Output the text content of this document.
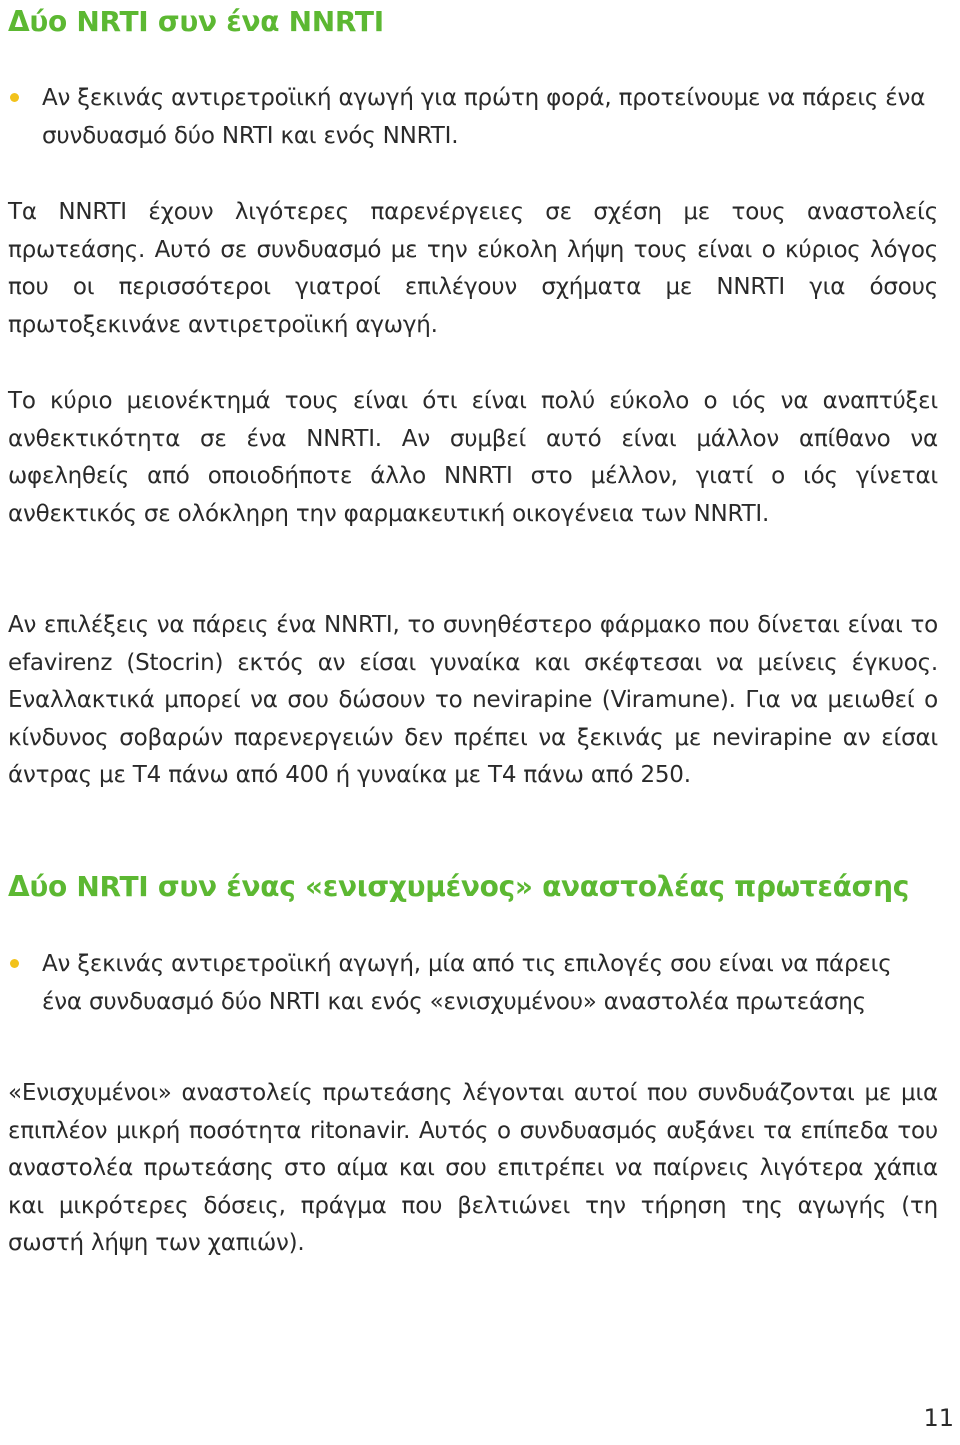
Δύο NRTI συν ένα NNRTI
Αν ξεκινάς αντιρετροϊική αγωγή για πρώτη φορά, προτείνουμε να πάρεις ένα συνδυασμό δύο NRTI και ενός NNRTI.

Τα NNRTI έχουν λιγότερες παρενέργειες σε σχέση με τους αναστολείς πρωτεάσης. Αυτό σε συνδυασμό με την εύκολη λήψη τους είναι ο κύριος λόγος που οι περισσότεροι γιατροί επιλέγουν σχήματα με NNRTI για όσους πρωτοξεκινάνε αντιρετροϊική αγωγή.

Το κύριο μειονέκτημά τους είναι ότι είναι πολύ εύκολο ο ιός να αναπτύξει ανθεκτικότητα σε ένα NNRTI. Αν συμβεί αυτό είναι μάλλον απίθανο να ωφεληθείς από οποιοδήποτε άλλο NNRTI στο μέλλον, γιατί ο ιός γίνεται ανθεκτικός σε ολόκληρη την φαρμακευτική οικογένεια των NNRTI.

Αν επιλέξεις να πάρεις ένα NNRTI, το συνηθέστερο φάρμακο που δίνεται είναι το efavirenz (Stocrin) εκτός αν είσαι γυναίκα και σκέφτεσαι να μείνεις έγκυος. Εναλλακτικά μπορεί να σου δώσουν το nevirapine (Viramune). Για να μειωθεί ο κίνδυνος σοβαρών παρενεργειών δεν πρέπει να ξεκινάς με nevirapine αν είσαι άντρας με T4 πάνω από 400 ή γυναίκα με T4 πάνω από 250.

Δύο NRTI συν ένας «ενισχυμένος» αναστολέας πρωτεάσης
Αν ξεκινάς αντιρετροϊική αγωγή, μία από τις επιλογές σου είναι να πάρεις ένα συνδυασμό δύο NRTI και ενός «ενισχυμένου» αναστολέα πρωτεάσης

«Ενισχυμένοι» αναστολείς πρωτεάσης λέγονται αυτοί που συνδυάζονται με μια επιπλέον μικρή ποσότητα ritonavir. Αυτός ο συνδυασμός αυξάνει τα επίπεδα του αναστολέα πρωτεάσης στο αίμα και σου επιτρέπει να παίρνεις λιγότερα χάπια και μικρότερες δόσεις, πράγμα που βελτιώνει την τήρηση της αγωγής (τη σωστή λήψη των χαπιών).

11
